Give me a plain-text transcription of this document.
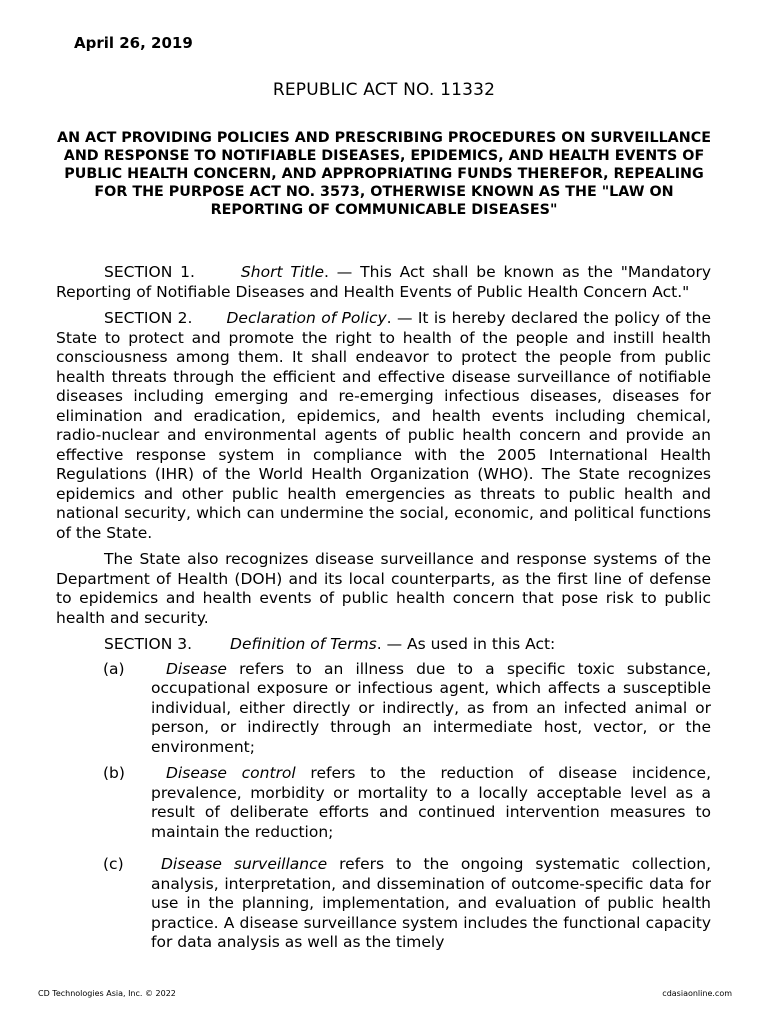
April 26, 2019
REPUBLIC ACT NO. 11332
AN ACT PROVIDING POLICIES AND PRESCRIBING PROCEDURES ON SURVEILLANCE AND RESPONSE TO NOTIFIABLE DISEASES, EPIDEMICS, AND HEALTH EVENTS OF PUBLIC HEALTH CONCERN, AND APPROPRIATING FUNDS THEREFOR, REPEALING FOR THE PURPOSE ACT NO. 3573, OTHERWISE KNOWN AS THE "LAW ON REPORTING OF COMMUNICABLE DISEASES"

SECTION 1.	Short Title. — This Act shall be known as the "Mandatory Reporting of Notifiable Diseases and Health Events of Public Health Concern Act."

SECTION 2. Declaration of Policy. — It is hereby declared the policy of the State to protect and promote the right to health of the people and instill health consciousness among them. It shall endeavor to protect the people from public health threats through the efficient and effective disease surveillance of notifiable diseases including emerging and re-emerging infectious diseases, diseases for elimination and eradication, epidemics, and health events including chemical, radio-nuclear and environmental agents of public health concern and provide an effective response system in compliance with the 2005 International Health Regulations (IHR) of the World Health Organization (WHO). The State recognizes epidemics and other public health emergencies as threats to public health and national security, which can undermine the social, economic, and political functions of the State.

The State also recognizes disease surveillance and response systems of the Department of Health (DOH) and its local counterparts, as the first line of defense to epidemics and health events of public health concern that pose risk to public health and security.

SECTION 3. Definition of Terms. — As used in this Act:

(a)	Disease refers to an illness due to a specific toxic substance, occupational exposure or infectious agent, which affects a susceptible individual, either directly or indirectly, as from an infected animal or person, or indirectly through an intermediate host, vector, or the environment;
(b)	Disease control refers to the reduction of disease incidence, prevalence, morbidity or mortality to a locally acceptable level as a result of deliberate efforts and continued intervention measures to maintain the reduction;
(c) Disease surveillance refers to the ongoing systematic collection, analysis, interpretation, and dissemination of outcome-specific data for use in the planning, implementation, and evaluation of public health practice. A disease surveillance system includes the functional capacity for data analysis as well as the timely
CD Technologies Asia, Inc. © 2022	cdasiaonline.com
